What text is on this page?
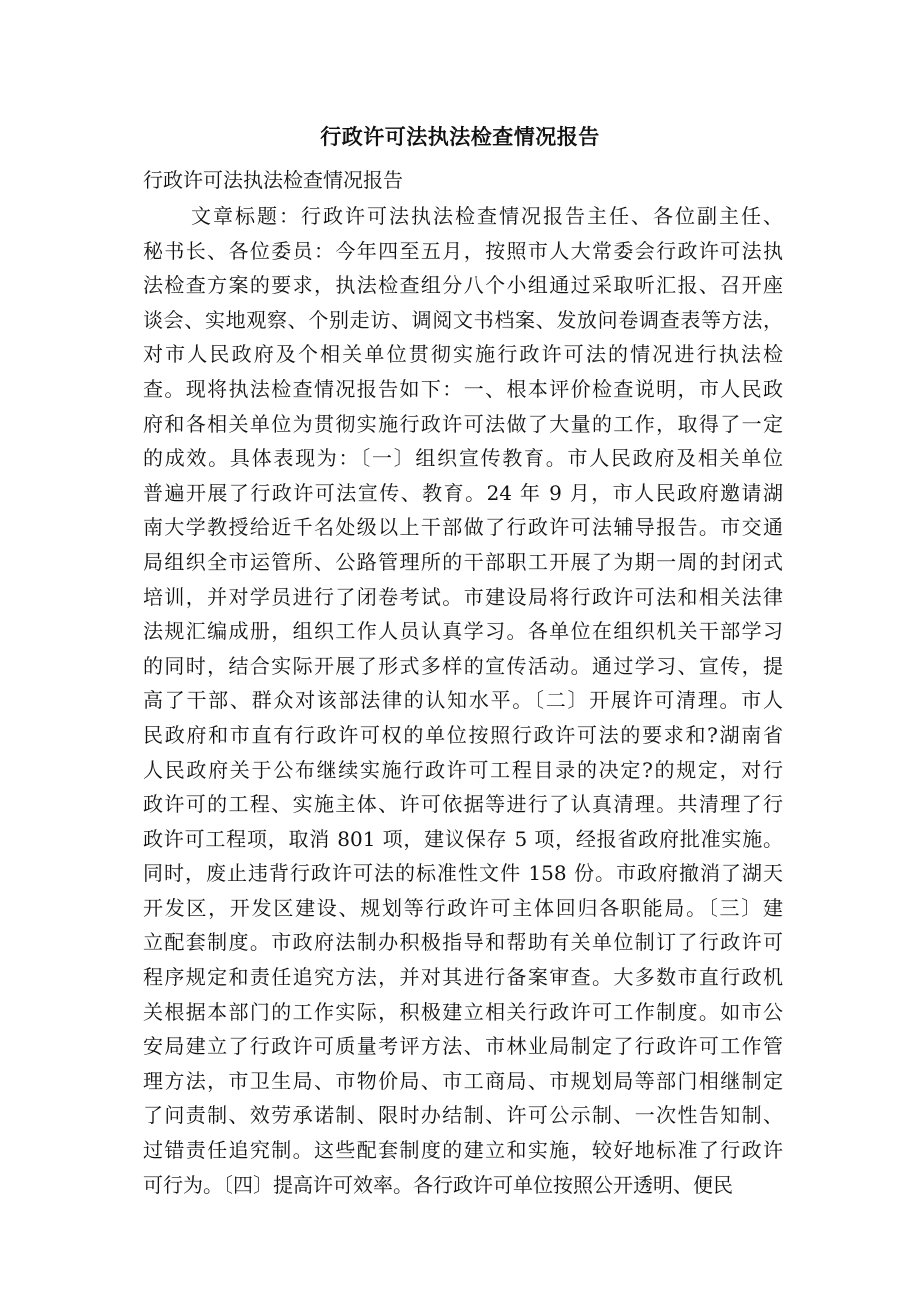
行政许可法执法检查情况报告
行政许可法执法检查情况报告
文章标题：行政许可法执法检查情况报告主任、各位副主任、
秘书长、各位委员：今年四至五月，按照市人大常委会行政许可法执
法检查方案的要求，执法检查组分八个小组通过采取听汇报、召开座
谈会、实地观察、个别走访、调阅文书档案、发放问卷调查表等方法，
对市人民政府及个相关单位贯彻实施行政许可法的情况进行执法检
查。现将执法检查情况报告如下：一、根本评价检查说明，市人民政
府和各相关单位为贯彻实施行政许可法做了大量的工作，取得了一定
的成效。具体表现为：〔一〕组织宣传教育。市人民政府及相关单位
普遍开展了行政许可法宣传、教育。24 年 9 月，市人民政府邀请湖
南大学教授给近千名处级以上干部做了行政许可法辅导报告。市交通
局组织全市运管所、公路管理所的干部职工开展了为期一周的封闭式
培训，并对学员进行了闭卷考试。市建设局将行政许可法和相关法律
法规汇编成册，组织工作人员认真学习。各单位在组织机关干部学习
的同时，结合实际开展了形式多样的宣传活动。通过学习、宣传，提
高了干部、群众对该部法律的认知水平。〔二〕开展许可清理。市人
民政府和市直有行政许可权的单位按照行政许可法的要求和?湖南省
人民政府关于公布继续实施行政许可工程目录的决定?的规定，对行
政许可的工程、实施主体、许可依据等进行了认真清理。共清理了行
政许可工程项，取消 801 项，建议保存 5 项，经报省政府批准实施。
同时，废止违背行政许可法的标准性文件 158 份。市政府撤消了湖天
开发区，开发区建设、规划等行政许可主体回归各职能局。〔三〕建
立配套制度。市政府法制办积极指导和帮助有关单位制订了行政许可
程序规定和责任追究方法，并对其进行备案审查。大多数市直行政机
关根据本部门的工作实际，积极建立相关行政许可工作制度。如市公
安局建立了行政许可质量考评方法、市林业局制定了行政许可工作管
理方法，市卫生局、市物价局、市工商局、市规划局等部门相继制定
了问责制、效劳承诺制、限时办结制、许可公示制、一次性告知制、
过错责任追究制。这些配套制度的建立和实施，较好地标准了行政许
可行为。〔四〕提高许可效率。各行政许可单位按照公开透明、便民
